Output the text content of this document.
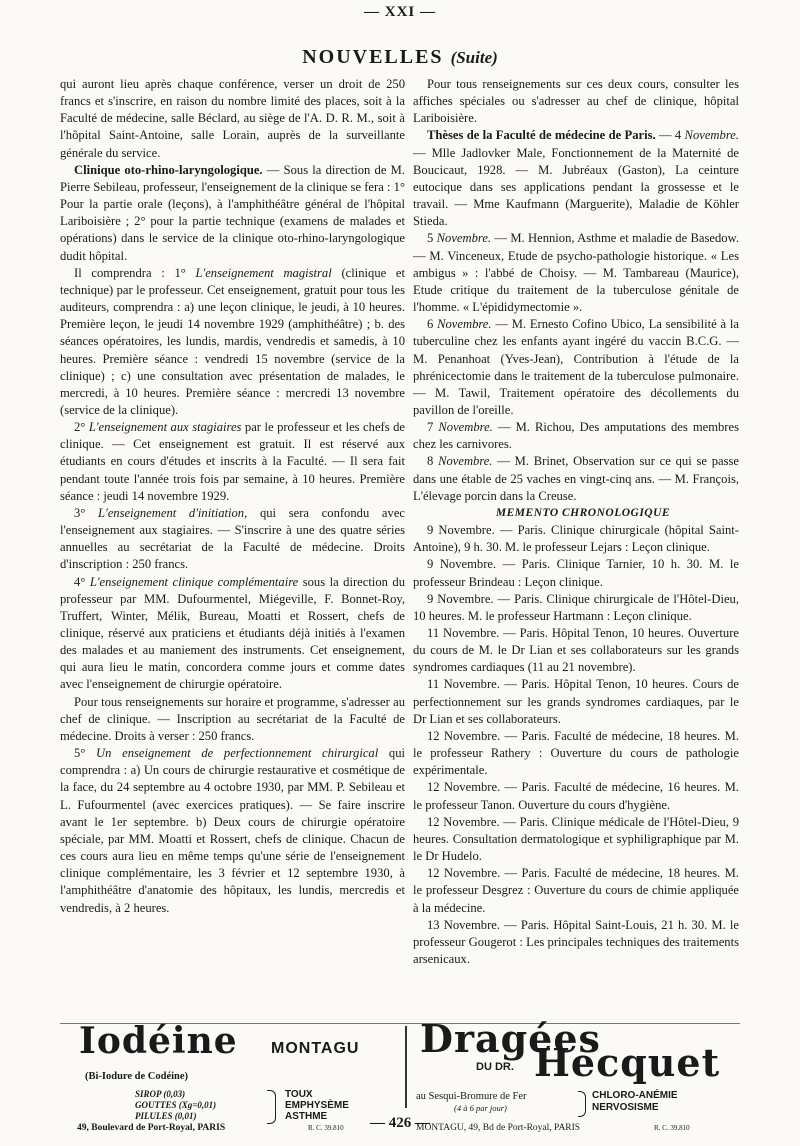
— XXI —
NOUVELLES (Suite)

qui auront lieu après chaque conférence, verser un droit de 250 francs et s'inscrire, en raison du nombre limité des places, soit à la Faculté de médecine, salle Béclard, au siège de l'A. D. R. M., soit à l'hôpital Saint-Antoine, salle Lorain, auprès de la surveillante générale du service.

Clinique oto-rhino-laryngologique. — Sous la direction de M. Pierre Sebileau, professeur, l'enseignement de la clinique se fera : 1° Pour la partie orale (leçons), à l'amphithéâtre général de l'hôpital Lariboisière ; 2° pour la partie technique (examens de malades et opérations) dans le service de la clinique oto-rhino-laryngologique dudit hôpital.

Il comprendra : 1° L'enseignement magistral (clinique et technique) par le professeur. Cet enseignement, gratuit pour tous les auditeurs, comprendra : a) une leçon clinique, le jeudi, à 10 heures. Première leçon, le jeudi 14 novembre 1929 (amphithéâtre) ; b. des séances opératoires, les lundis, mardis, vendredis et samedis, à 10 heures. Première séance : vendredi 15 novembre (service de la clinique) ; c) une consultation avec présentation de malades, le mercredi, à 10 heures. Première séance : mercredi 13 novembre (service de la clinique).

2° L'enseignement aux stagiaires par le professeur et les chefs de clinique. — Cet enseignement est gratuit. Il est réservé aux étudiants en cours d'études et inscrits à la Faculté. — Il sera fait pendant toute l'année trois fois par semaine, à 10 heures. Première séance : jeudi 14 novembre 1929.

3° L'enseignement d'initiation, qui sera confondu avec l'enseignement aux stagiaires. — S'inscrire à une des quatre séries annuelles au secrétariat de la Faculté de médecine. Droits d'inscription : 250 francs.

4° L'enseignement clinique complémentaire sous la direction du professeur par MM. Dufourmentel, Miégeville, F. Bonnet-Roy, Truffert, Winter, Mélik, Bureau, Moatti et Rossert, chefs de clinique, réservé aux praticiens et étudiants déjà initiés à l'examen des malades et au maniement des instruments. Cet enseignement, qui aura lieu le matin, concordera comme jours et comme dates avec l'enseignement de chirurgie opératoire.

Pour tous renseignements sur horaire et programme, s'adresser au chef de clinique. — Inscription au secrétariat de la Faculté de médecine. Droits à verser : 250 francs.

5° Un enseignement de perfectionnement chirurgical qui comprendra : a) Un cours de chirurgie restaurative et cosmétique de la face, du 24 septembre au 4 octobre 1930, par MM. P. Sebileau et L. Fufourmentel (avec exercices pratiques). — Se faire inscrire avant le 1er septembre. b) Deux cours de chirurgie opératoire spéciale, par MM. Moatti et Rossert, chefs de clinique. Chacun de ces cours aura lieu en même temps qu'une série de l'enseignement clinique complémentaire, les 3 février et 12 septembre 1930, à l'amphithéâtre d'anatomie des hôpitaux, les lundis, mercredis et vendredis, à 2 heures.

Pour tous renseignements sur ces deux cours, consulter les affiches spéciales ou s'adresser au chef de clinique, hôpital Lariboisière.

Thèses de la Faculté de médecine de Paris. — 4 Novembre. — Mlle Jadlovker Male, Fonctionnement de la Maternité de Boucicaut, 1928. — M. Jubréaux (Gaston), La ceinture eutocique dans ses applications pendant la grossesse et le travail. — Mme Kaufmann (Marguerite), Maladie de Köhler Stieda.

5 Novembre. — M. Hennion, Asthme et maladie de Basedow. — M. Vinceneux, Etude de psycho-pathologie historique. « Les ambigus » : l'abbé de Choisy. — M. Tambareau (Maurice), Etude critique du traitement de la tuberculose génitale de l'homme. « L'épididymectomie ».

6 Novembre. — M. Ernesto Cofino Ubico, La sensibilité à la tuberculine chez les enfants ayant ingéré du vaccin B.C.G. — M. Penanhoat (Yves-Jean), Contribution à l'étude de la phrénicectomie dans le traitement de la tuberculose pulmonaire. — M. Tawil, Traitement opératoire des décollements du pavillon de l'oreille.

7 Novembre. — M. Richou, Des amputations des membres chez les carnivores.

8 Novembre. — M. Brinet, Observation sur ce qui se passe dans une étable de 25 vaches en vingt-cinq ans. — M. François, L'élevage porcin dans la Creuse.

MEMENTO CHRONOLOGIQUE

9 Novembre. — Paris. Clinique chirurgicale (hôpital Saint-Antoine), 9 h. 30. M. le professeur Lejars : Leçon clinique.

9 Novembre. — Paris. Clinique Tarnier, 10 h. 30. M. le professeur Brindeau : Leçon clinique.

9 Novembre. — Paris. Clinique chirurgicale de l'Hôtel-Dieu, 10 heures. M. le professeur Hartmann : Leçon clinique.

11 Novembre. — Paris. Hôpital Tenon, 10 heures. Ouverture du cours de M. le Dr Lian et ses collaborateurs sur les grands syndromes cardiaques (11 au 21 novembre).

11 Novembre. — Paris. Hôpital Tenon, 10 heures. Cours de perfectionnement sur les grands syndromes cardiaques, par le Dr Lian et ses collaborateurs.

12 Novembre. — Paris. Faculté de médecine, 18 heures. M. le professeur Rathery : Ouverture du cours de pathologie expérimentale.

12 Novembre. — Paris. Faculté de médecine, 16 heures. M. le professeur Tanon. Ouverture du cours d'hygiène.

12 Novembre. — Paris. Clinique médicale de l'Hôtel-Dieu, 9 heures. Consultation dermatologique et syphiligraphique par M. le Dr Hudelo.

12 Novembre. — Paris. Faculté de médecine, 18 heures. M. le professeur Desgrez : Ouverture du cours de chimie appliquée à la médecine.

13 Novembre. — Paris. Hôpital Saint-Louis, 21 h. 30. M. le professeur Gougerot : Les principales techniques des traitements arsenicaux.

Iodéine MONTAGU
(Bi-Iodure de Codéine)
SIROP (0,03)
GOUTTES (Xg=0,01)
PILULES (0,01)
TOUX
EMPHYSÈME
ASTHME
49, Boulevard de Port-Royal, PARIS	R. C. 39.810
Dragées
DU DR. Hecquet
au Sesqui-Bromure de Fer
(4 à 6 par jour)
CHLORO-ANÉMIE
NERVOSISME
MONTAGU, 49, Bd de Port-Royal, PARIS	R. C. 39.810
— 426 —
